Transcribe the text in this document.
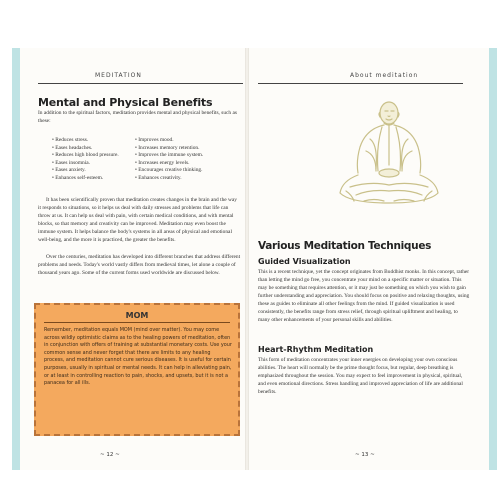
MEDITATION
Mental and Physical Benefits

In addition to the spiritual factors, meditation provides mental and physical benefits, such as these:

• Reduces stress.
• Eases headaches.
• Reduces high blood pressure.
• Eases insomnia.
• Eases anxiety.
• Enhances self-esteem.
• Improves mood.
• Increases memory retention.
• Improves the immune system.
• Increases energy levels.
• Encourages creative thinking.
• Enhances creativity.

It has been scientifically proven that meditation creates changes in the brain and the way it responds to situations, so it helps us deal with daily stresses and problems that life can throw at us. It can help us deal with pain, with certain medical conditions, and with mental blocks, so that memory and creativity can be improved. Meditation may even boost the immune system. It helps balance the body's systems in all areas of physical and emotional well-being, and the more it is practiced, the greater the benefits.

Over the centuries, meditation has developed into different branches that address different problems and needs. Today's world vastly differs from medieval times, let alone a couple of thousand years ago. Some of the current forms used worldwide are discussed below.

MOM

Remember, meditation equals MOM (mind over matter). You may come across wildly optimistic claims as to the healing powers of meditation, often in conjunction with offers of training at substantial monetary costs. Use your common sense and never forget that there are limits to any healing process, and meditation cannot cure serious diseases. It is useful for certain purposes, usually in spiritual or mental needs. It can help in alleviating pain, or at least in controlling reaction to pain, shocks, and upsets, but it is not a panacea for all ills.

~ 12 ~
About meditation
Various Meditation Techniques
Guided Visualization

This is a recent technique, yet the concept originates from Buddhist monks. In this concept, rather than letting the mind go free, you concentrate your mind on a specific matter or situation. This may be something that requires attention, or it may just be something on which you wish to gain further understanding and appreciation. You should focus on positive and relaxing thoughts, using these as guides to eliminate all other feelings from the mind. If guided visualization is used consistently, the benefits range from stress relief, through spiritual upliftment and healing, to many other enhancements of your personal skills and abilities.

Heart-Rhythm Meditation

This form of meditation concentrates your inner energies on developing your own conscious abilities. The heart will normally be the prime thought focus, but regular, deep breathing is emphasized throughout the session. You may expect to feel improvement in physical, spiritual, and even emotional directions. Stress handling and improved appreciation of life are additional benefits.

~ 13 ~
